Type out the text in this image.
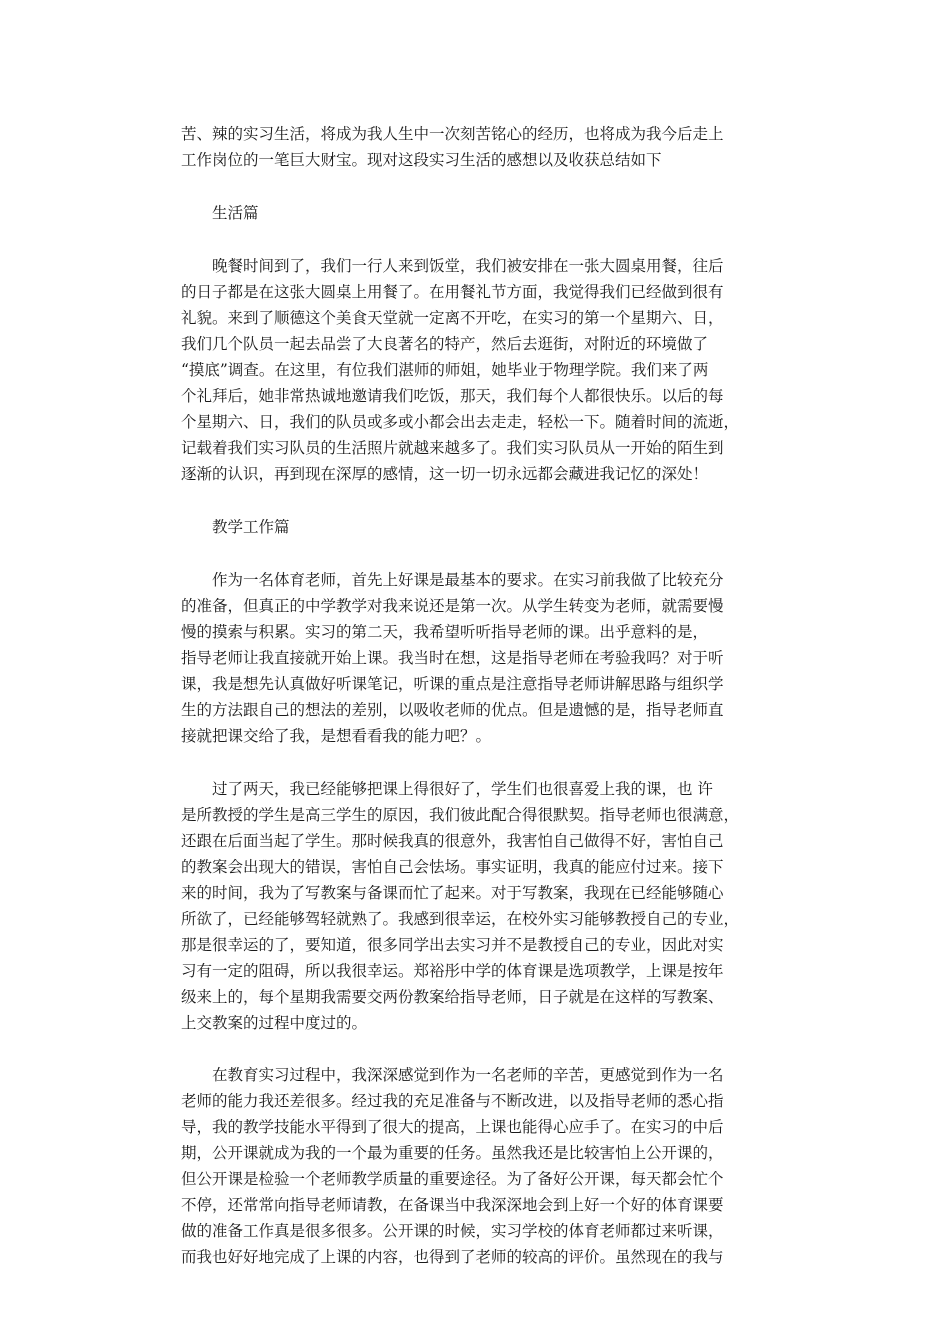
苦、辣的实习生活，将成为我人生中一次刻苦铭心的经历，也将成为我今后走上
工作岗位的一笔巨大财宝。现对这段实习生活的感想以及收获总结如下
生活篇
晚餐时间到了，我们一行人来到饭堂，我们被安排在一张大圆桌用餐，往后
的日子都是在这张大圆桌上用餐了。在用餐礼节方面，我觉得我们已经做到很有
礼貌。来到了顺德这个美食天堂就一定离不开吃，在实习的第一个星期六、日，
我们几个队员一起去品尝了大良著名的特产，然后去逛街，对附近的环境做了
“摸底”调查。在这里，有位我们湛师的师姐，她毕业于物理学院。我们来了两
个礼拜后，她非常热诚地邀请我们吃饭，那天，我们每个人都很快乐。以后的每
个星期六、日，我们的队员或多或小都会出去走走，轻松一下。随着时间的流逝，
记载着我们实习队员的生活照片就越来越多了。我们实习队员从一开始的陌生到
逐渐的认识，再到现在深厚的感情，这一切一切永远都会藏进我记忆的深处！
教学工作篇
作为一名体育老师，首先上好课是最基本的要求。在实习前我做了比较充分
的准备，但真正的中学教学对我来说还是第一次。从学生转变为老师，就需要慢
慢的摸索与积累。实习的第二天，我希望听听指导老师的课。出乎意料的是，
指导老师让我直接就开始上课。我当时在想，这是指导老师在考验我吗？对于听
课，我是想先认真做好听课笔记，听课的重点是注意指导老师讲解思路与组织学
生的方法跟自己的想法的差别，以吸收老师的优点。但是遗憾的是，指导老师直
接就把课交给了我，是想看看我的能力吧？。
过了两天，我已经能够把课上得很好了，学生们也很喜爱上我的课，也 许
是所教授的学生是高三学生的原因，我们彼此配合得很默契。指导老师也很满意，
还跟在后面当起了学生。那时候我真的很意外，我害怕自己做得不好，害怕自己
的教案会出现大的错误，害怕自己会怯场。事实证明，我真的能应付过来。接下
来的时间，我为了写教案与备课而忙了起来。对于写教案，我现在已经能够随心
所欲了，已经能够驾轻就熟了。我感到很幸运，在校外实习能够教授自己的专业，
那是很幸运的了，要知道，很多同学出去实习并不是教授自己的专业，因此对实
习有一定的阻碍，所以我很幸运。郑裕彤中学的体育课是选项教学，上课是按年
级来上的，每个星期我需要交两份教案给指导老师，日子就是在这样的写教案、
上交教案的过程中度过的。
在教育实习过程中，我深深感觉到作为一名老师的辛苦，更感觉到作为一名
老师的能力我还差很多。经过我的充足准备与不断改进，以及指导老师的悉心指
导，我的教学技能水平得到了很大的提高，上课也能得心应手了。在实习的中后
期，公开课就成为我的一个最为重要的任务。虽然我还是比较害怕上公开课的，
但公开课是检验一个老师教学质量的重要途径。为了备好公开课，每天都会忙个
不停，还常常向指导老师请教，在备课当中我深深地会到上好一个好的体育课要
做的准备工作真是很多很多。公开课的时候，实习学校的体育老师都过来听课，
而我也好好地完成了上课的内容，也得到了老师的较高的评价。虽然现在的我与
